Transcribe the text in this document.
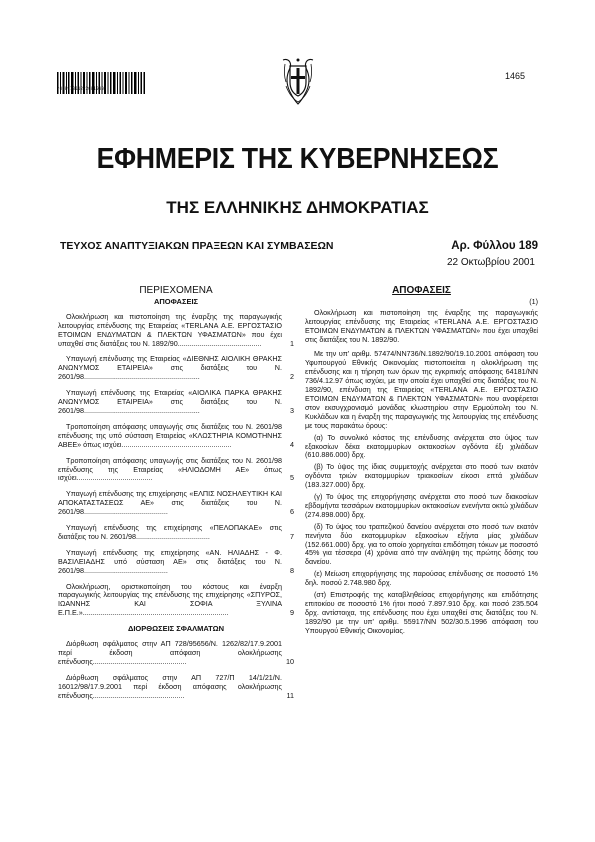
*01891011222001000*
1465
ΕΦΗΜΕΡΙΣ ΤΗΣ ΚΥΒΕΡΝΗΣΕΩΣ
ΤΗΣ ΕΛΛΗΝΙΚΗΣ ΔΗΜΟΚΡΑΤΙΑΣ
ΤΕΥΧΟΣ ΑΝΑΠΤΥΞΙΑΚΩΝ ΠΡΑΞΕΩΝ ΚΑΙ ΣΥΜΒΑΣΕΩΝ	Αρ. Φύλλου 189
22 Οκτωβρίου 2001
ΠΕΡΙΕΧΟΜΕΝΑ
ΑΠΟΦΑΣΕΙΣ
Ολοκλήρωση και πιστοποίηση της έναρξης της παραγωγικής λειτουργίας επένδυσης της Εταιρείας «TERLANA Α.Ε. ΕΡΓΟΣΤΑΣΙΟ ΕΤΟΙΜΩΝ ΕΝΔΥΜΑΤΩΝ & ΠΛΕΚΤΩΝ ΥΦΑΣΜΑΤΩΝ» που έχει υπαχθεί στις διατάξεις του Ν. 1892/90..........................................	1
Υπαγωγή επένδυσης της Εταιρείας «ΔΙΕΘΝΗΣ ΑΙΟΛΙΚΗ ΘΡΑΚΗΣ ΑΝΩΝΥΜΟΣ ΕΤΑΙΡΕΙΑ» στις διατάξεις του Ν. 2601/98..........................................................	2
Υπαγωγή επένδυσης της Εταιρείας «ΑΙΟΛΙΚΑ ΠΑΡΚΑ ΘΡΑΚΗΣ ΑΝΩΝΥΜΟΣ ΕΤΑΙΡΕΙΑ» στις διατάξεις του Ν. 2601/98..........................................................	3
Τροποποίηση απόφασης υπαγωγής στις διατάξεις του Ν. 2601/98 επένδυσης της υπό σύσταση Εταιρείας «ΚΛΩΣΤΗΡΙΑ ΚΟΜΟΤΗΝΗΣ ΑΒΕΕ» όπως ισχύει.......................................................	4
Τροποποίηση απόφασης υπαγωγής στις διατάξεις του Ν. 2601/98 επένδυσης της Εταιρείας «ΗΛΙΟΔΟΜΗ ΑΕ» όπως ισχύει......................................	5
Υπαγωγή επένδυσης της επιχείρησης «ΕΛΠΙΣ ΝΟΣΗΛΕΥΤΙΚΗ ΚΑΙ ΑΠΟΚΑΤΑΣΤΑΣΕΩΣ ΑΕ» στις διατάξεις του Ν. 2601/98..........................................	6
Υπαγωγή επένδυσης της επιχείρησης «ΠΕΛΟΠΑΚΑΕ» στις διατάξεις του Ν. 2601/98.....................................	7
Υπαγωγή επένδυσης της επιχείρησης «ΑΝ. ΗΛΙΑΔΗΣ - Φ. ΒΑΣΙΛΕΙΑΔΗΣ υπό σύσταση ΑΕ» στις διατάξεις του Ν. 2601/98..........................................	8
Ολοκλήρωση, οριστικοποίηση του κόστους και έναρξη παραγωγικής λειτουργίας της επένδυσης της επιχείρησης «ΣΠΥΡΟΣ, ΙΩΑΝΝΗΣ ΚΑΙ ΣΟΦΙΑ ΞΥΛΙΝΑ Ε.Π.Ε.».........................................................................	9
ΔΙΟΡΘΩΣΕΙΣ ΣΦΑΛΜΑΤΩΝ
Διόρθωση σφάλματος στην ΑΠ 728/95656/Ν. 1262/82/17.9.2001 περί έκδοση απόφαση ολοκλήρωσης επένδυσης...............................................	10
Διόρθωση σφάλματος στην ΑΠ 727/Π 14/1/21/Ν. 16012/98/17.9.2001 περί έκδοση απόφασης ολοκλήρωσης επένδυσης..............................................	11
ΑΠΟΦΑΣΕΙΣ
(1)
Ολοκλήρωση και πιστοποίηση της έναρξης της παραγωγικής λειτουργίας επένδυσης της Εταιρείας «TERLANA Α.Ε. ΕΡΓΟΣΤΑΣΙΟ ΕΤΟΙΜΩΝ ΕΝΔΥΜΑΤΩΝ & ΠΛΕΚΤΩΝ ΥΦΑΣΜΑΤΩΝ» που έχει υπαχθεί στις διατάξεις του Ν. 1892/90.
Με την υπ' αριθμ. 57474/ΝΝ736/Ν.1892/90/19.10.2001 απόφαση του Υφυπουργού Εθνικής Οικονομίας πιστοποιείται η ολοκλήρωση της επένδυσης και η τήρηση των όρων της εγκριτικής απόφασης 64181/ΝΝ 736/4.12.97 όπως ισχύει, με την οποία έχει υπαχθεί στις διατάξεις του Ν. 1892/90, επένδυση της Εταιρείας «TERLANA Α.Ε. ΕΡΓΟΣΤΑΣΙΟ ΕΤΟΙΜΩΝ ΕΝΔΥΜΑΤΩΝ & ΠΛΕΚΤΩΝ ΥΦΑΣΜΑΤΩΝ» που αναφέρεται στον εκσυγχρονισμό μονάδας κλωστηρίου στην Ερμούπολη του Ν. Κυκλάδων και η έναρξη της παραγωγικής της λειτουργίας της επένδυσης με τους παρακάτω όρους:
(α) Το συνολικό κόστος της επένδυσης ανέρχεται στο ύψος των εξακοσίων δέκα εκατομμυρίων οκτακοσίων ογδόντα έξι χιλιάδων (610.886.000) δρχ.
(β) Το ύψος της ίδιας συμμετοχής ανέρχεται στο ποσό των εκατόν ογδόντα τριών εκατομμυρίων τριακοσίων είκοσι επτά χιλιάδων (183.327.000) δρχ.
(γ) Το ύψος της επιχορήγησης ανέρχεται στο ποσό των διακοσίων εβδομήντα τεσσάρων εκατομμυρίων οκτακοσίων ενενήντα οκτώ χιλιάδων (274.898.000) δρχ.
(δ) Το ύψος του τραπεζικού δανείου ανέρχεται στο ποσό των εκατόν πενήντα δύο εκατομμυρίων εξακοσίων εξήντα μίας χιλιάδων (152.661.000) δρχ. για το οποίο χορηγείται επιδότηση τόκων με ποσοστό 45% για τέσσερα (4) χρόνια από την ανάληψη της πρώτης δόσης του δανείου.
(ε) Μείωση επιχορήγησης της παρούσας επένδυσης σε ποσοστό 1% δηλ. ποσού 2.748.980 δρχ.
(στ) Επιστροφής της καταβληθείσας επιχορήγησης και επιδότησης επιτοκίου σε ποσοστό 1% ήτοι ποσό 7.897.910 δρχ. και ποσό 235.504 δρχ. αντίστοιχα, της επένδυσης που έχει υπαχθεί στις διατάξεις του Ν. 1892/90 με την υπ' αριθμ. 55917/ΝΝ 502/30.5.1996 απόφαση του Υπουργού Εθνικής Οικονομίας.
